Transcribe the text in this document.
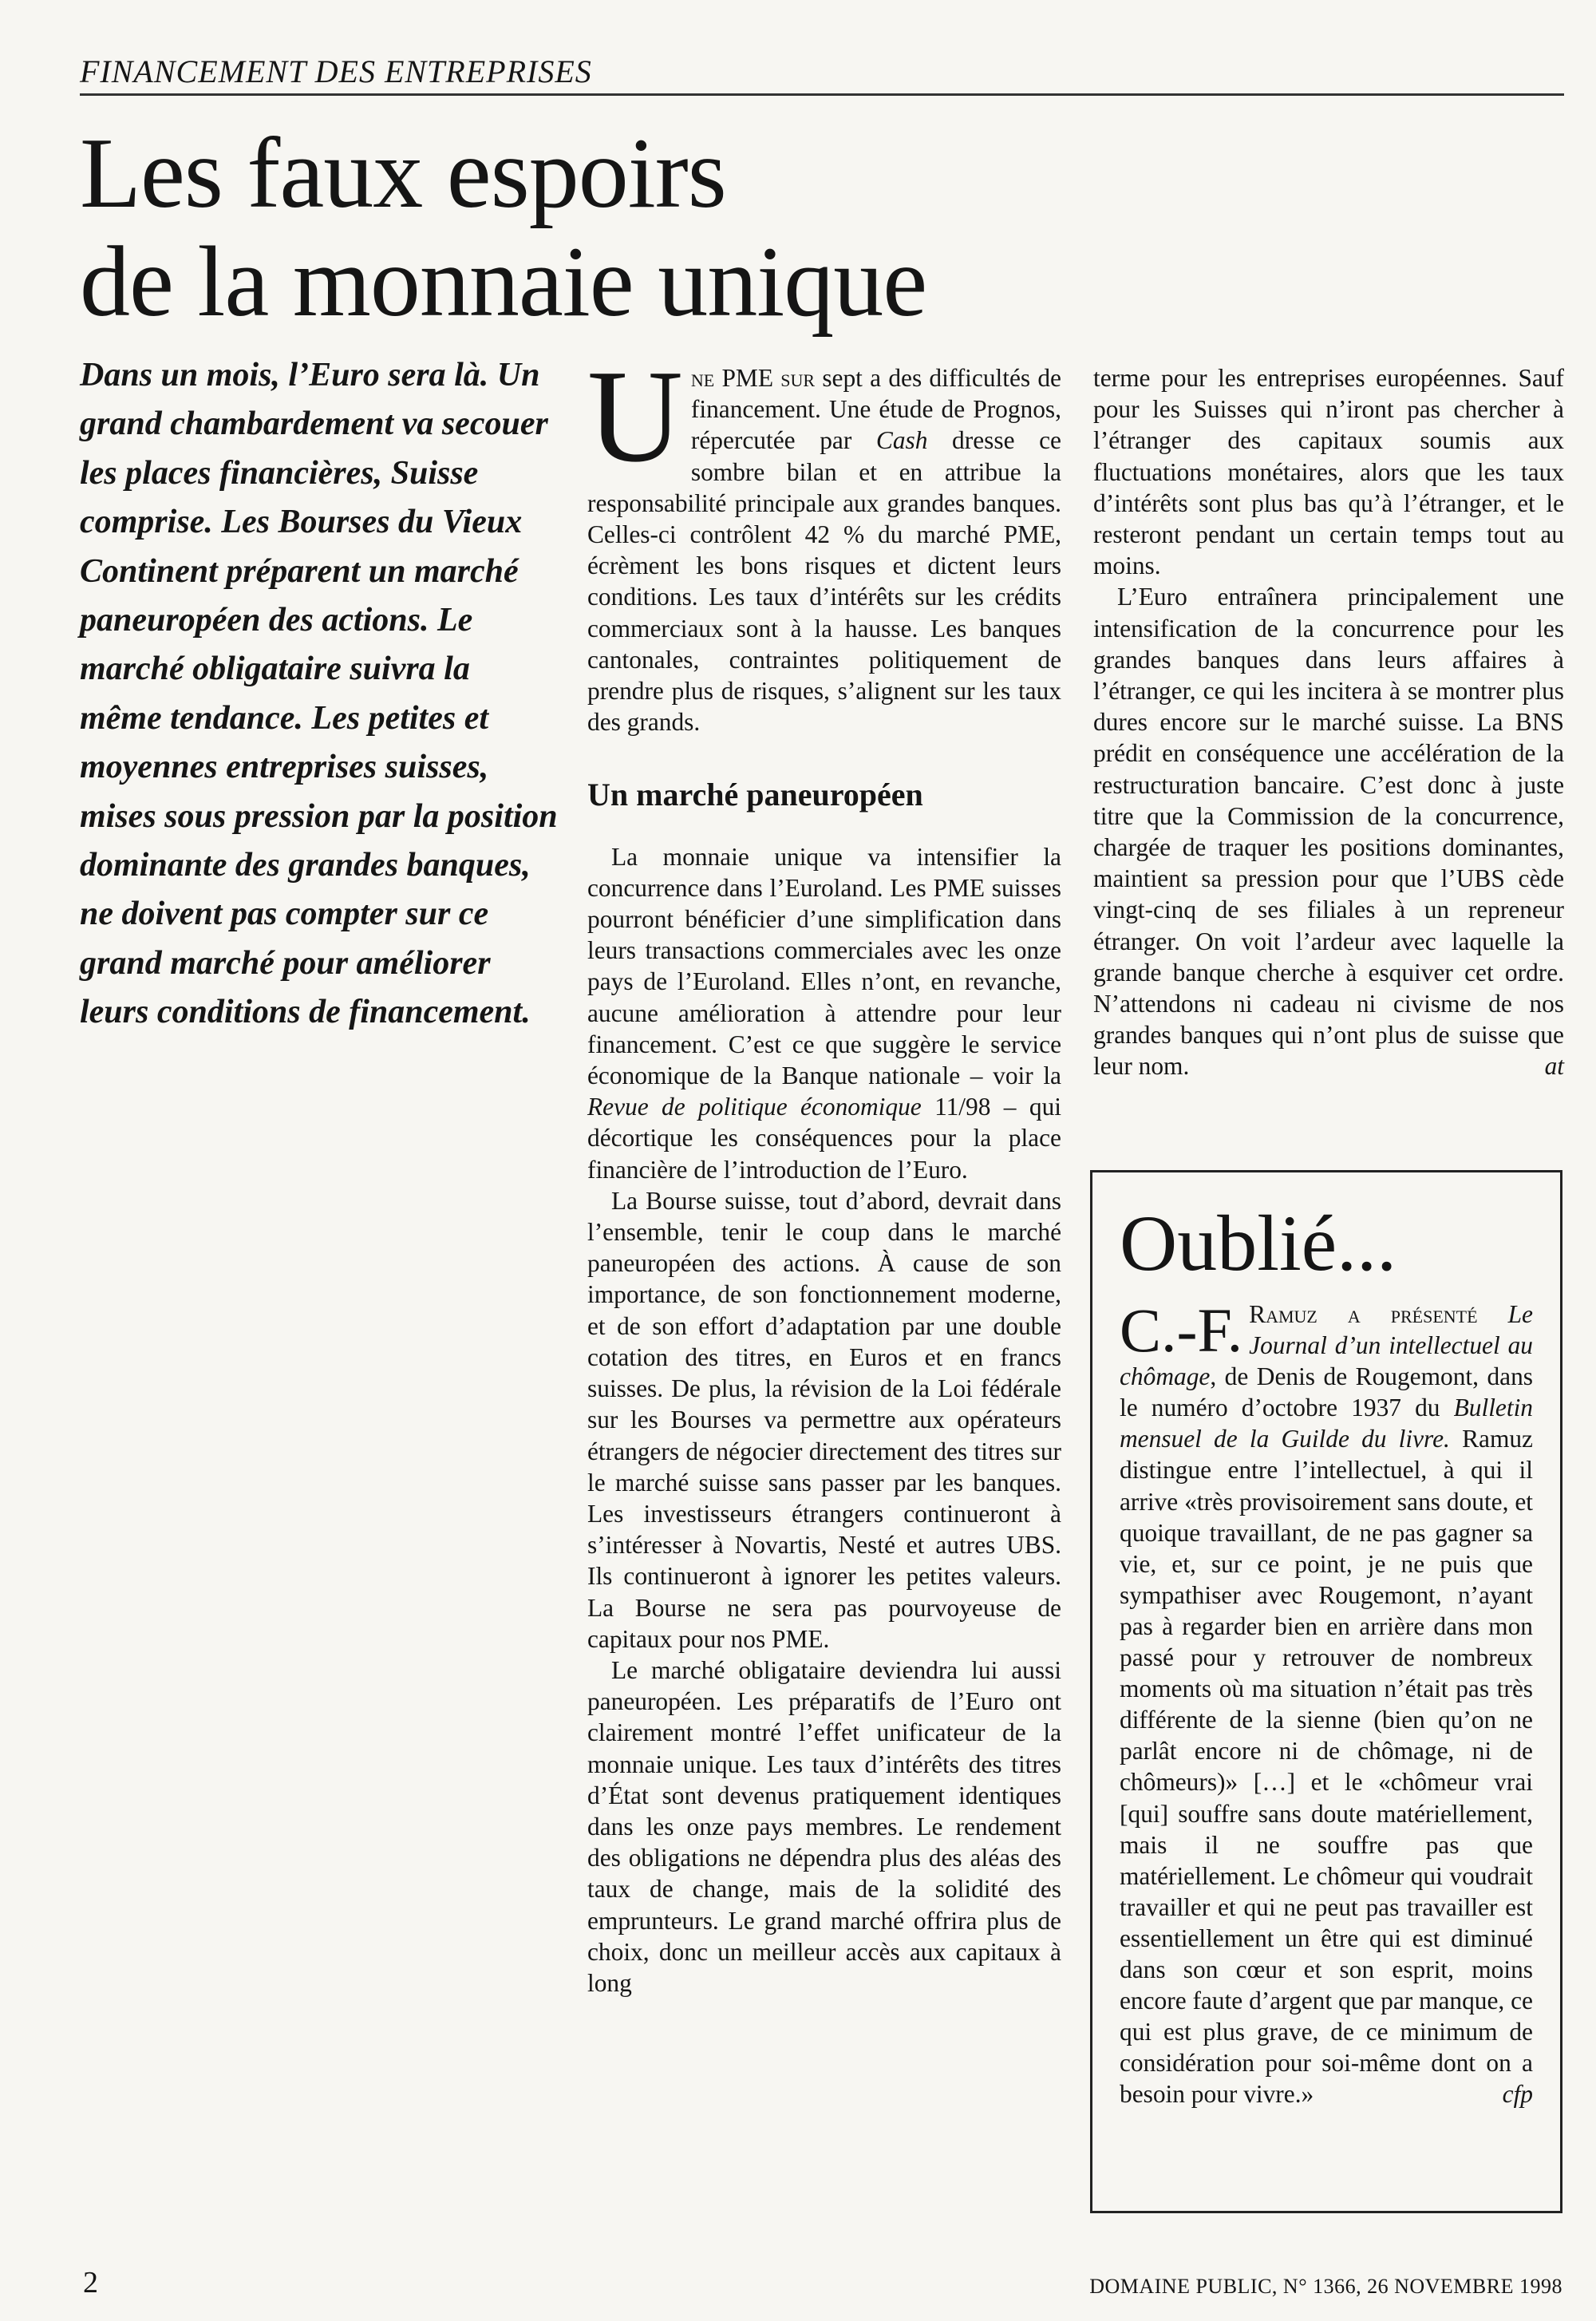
FINANCEMENT DES ENTREPRISES
Les faux espoirs
de la monnaie unique

Dans un mois, l’Euro sera là. Un grand chambardement va secouer les places financières, Suisse comprise. Les Bourses du Vieux Continent préparent un marché paneuropéen des actions. Le marché obligataire suivra la même tendance. Les petites et moyennes entreprises suisses, mises sous pression par la position dominante des grandes banques, ne doivent pas compter sur ce grand marché pour améliorer leurs conditions de financement.

Une PME sur sept a des difficultés de financement. Une étude de Prognos, répercutée par Cash dresse ce sombre bilan et en attribue la responsabilité principale aux grandes banques. Celles-ci contrôlent 42 % du marché PME, écrèment les bons risques et dictent leurs conditions. Les taux d’intérêts sur les crédits commerciaux sont à la hausse. Les banques cantonales, contraintes politiquement de prendre plus de risques, s’alignent sur les taux des grands.

Un marché paneuropéen

La monnaie unique va intensifier la concurrence dans l’Euroland. Les PME suisses pourront bénéficier d’une simplification dans leurs transactions commerciales avec les onze pays de l’Euroland. Elles n’ont, en revanche, aucune amélioration à attendre pour leur financement. C’est ce que suggère le service économique de la Banque nationale – voir la Revue de politique économique 11/98 – qui décortique les conséquences pour la place financière de l’introduction de l’Euro.

La Bourse suisse, tout d’abord, devrait dans l’ensemble, tenir le coup dans le marché paneuropéen des actions. À cause de son importance, de son fonctionnement moderne, et de son effort d’adaptation par une double cotation des titres, en Euros et en francs suisses. De plus, la révision de la Loi fédérale sur les Bourses va permettre aux opérateurs étrangers de négocier directement des titres sur le marché suisse sans passer par les banques. Les investisseurs étrangers continueront à s’intéresser à Novartis, Nesté et autres UBS. Ils continueront à ignorer les petites valeurs. La Bourse ne sera pas pourvoyeuse de capitaux pour nos PME.

Le marché obligataire deviendra lui aussi paneuropéen. Les préparatifs de l’Euro ont clairement montré l’effet unificateur de la monnaie unique. Les taux d’intérêts des titres d’État sont devenus pratiquement identiques dans les onze pays membres. Le rendement des obligations ne dépendra plus des aléas des taux de change, mais de la solidité des emprunteurs. Le grand marché offrira plus de choix, donc un meilleur accès aux capitaux à long

terme pour les entreprises européennes. Sauf pour les Suisses qui n’iront pas chercher à l’étranger des capitaux soumis aux fluctuations monétaires, alors que les taux d’intérêts sont plus bas qu’à l’étranger, et le resteront pendant un certain temps tout au moins.

L’Euro entraînera principalement une intensification de la concurrence pour les grandes banques dans leurs affaires à l’étranger, ce qui les incitera à se montrer plus dures encore sur le marché suisse. La BNS prédit en conséquence une accélération de la restructuration bancaire. C’est donc à juste titre que la Commission de la concurrence, chargée de traquer les positions dominantes, maintient sa pression pour que l’UBS cède vingt-cinq de ses filiales à un repreneur étranger. On voit l’ardeur avec laquelle la grande banque cherche à esquiver cet ordre. N’attendons ni cadeau ni civisme de nos grandes banques qui n’ont plus de suisse que leur nom.	at

Oublié...
C.-F. Ramuz a présenté Le Journal d’un intellectuel au chômage, de Denis de Rougemont, dans le numéro d’octobre 1937 du Bulletin mensuel de la Guilde du livre. Ramuz distingue entre l’intellectuel, à qui il arrive «très provisoirement sans doute, et quoique travaillant, de ne pas gagner sa vie, et, sur ce point, je ne puis que sympathiser avec Rougemont, n’ayant pas à regarder bien en arrière dans mon passé pour y retrouver de nombreux moments où ma situation n’était pas très différente de la sienne (bien qu’on ne parlât encore ni de chômage, ni de chômeurs)» […] et le «chômeur vrai [qui] souffre sans doute matériellement, mais il ne souffre pas que matériellement. Le chômeur qui voudrait travailler et qui ne peut pas travailler est essentiellement un être qui est diminué dans son cœur et son esprit, moins encore faute d’argent que par manque, ce qui est plus grave, de ce minimum de considération pour soi-même dont on a besoin pour vivre.»	cfp
2	DOMAINE PUBLIC, N° 1366, 26 NOVEMBRE 1998
